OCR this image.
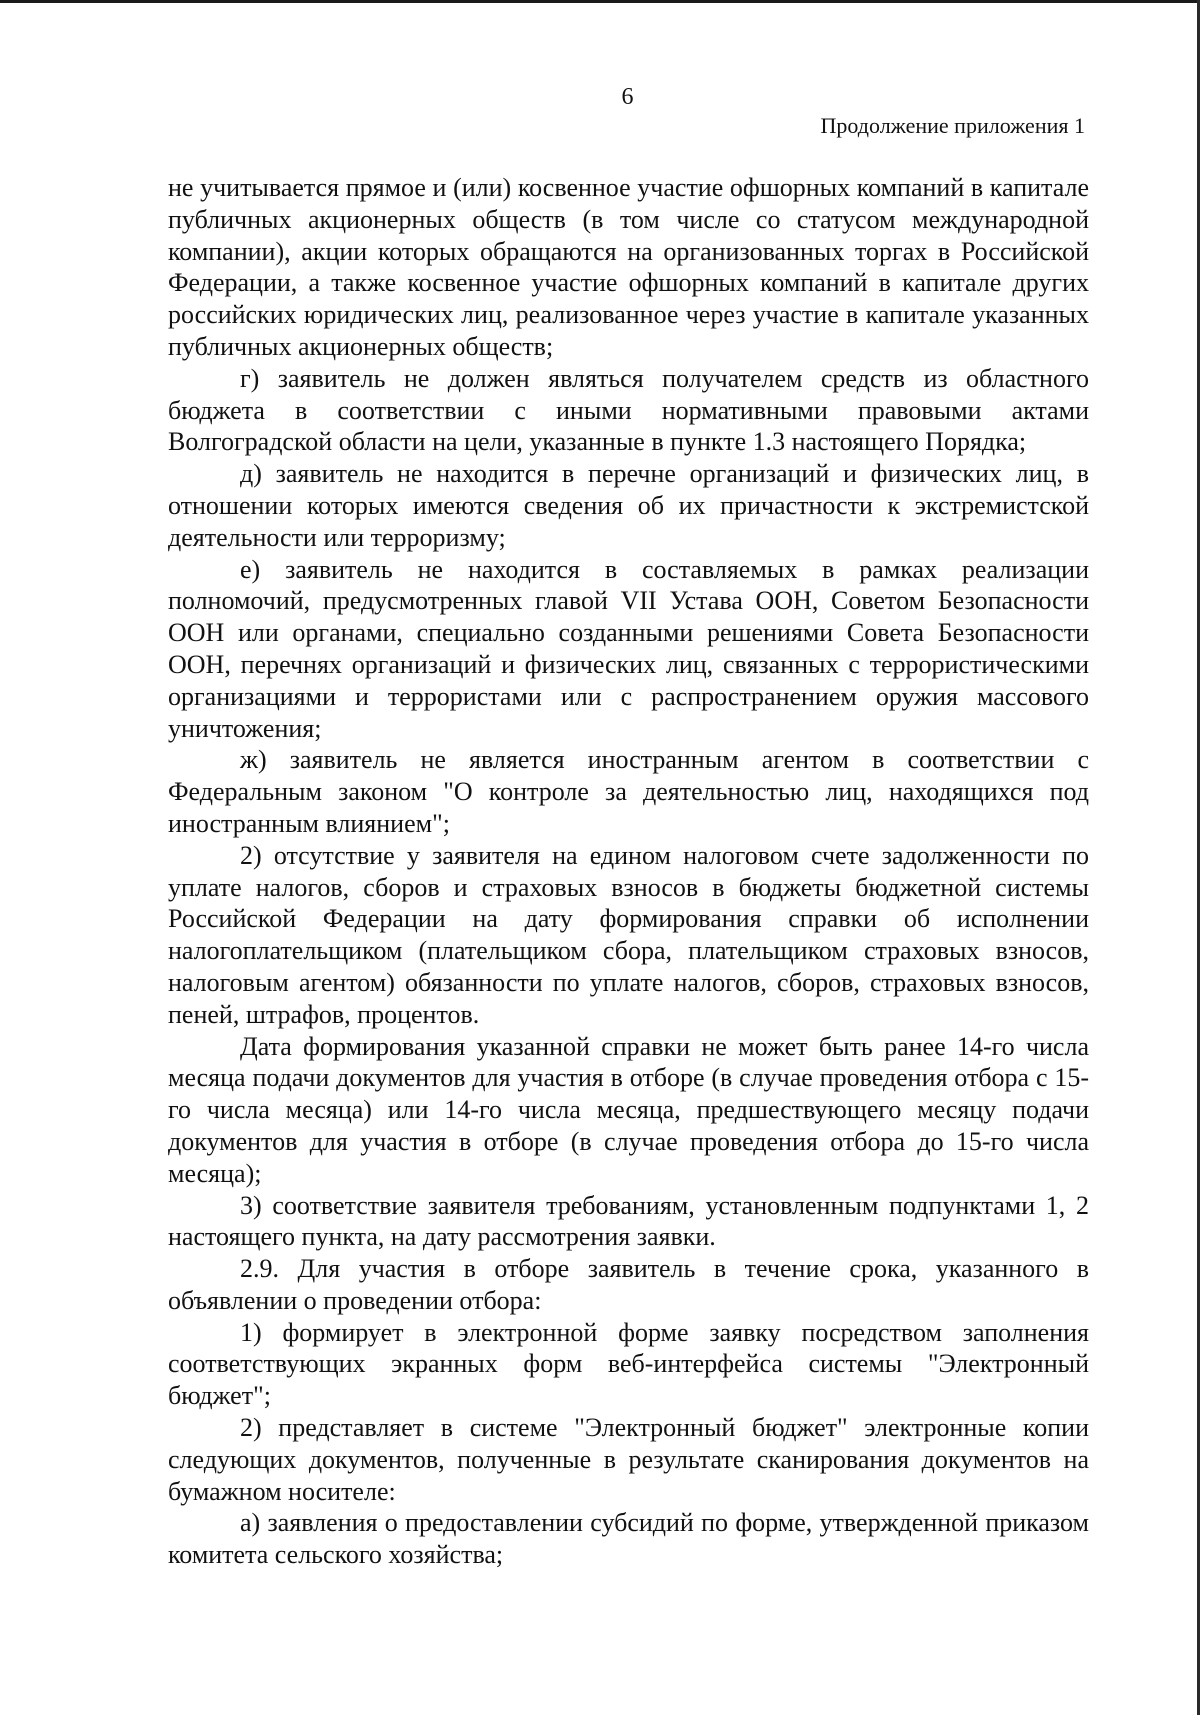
6
Продолжение приложения 1

не учитывается прямое и (или) косвенное участие офшорных компаний в капитале публичных акционерных обществ (в том числе со статусом международной компании), акции которых обращаются на организованных торгах в Российской Федерации, а также косвенное участие офшорных компаний в капитале других российских юридических лиц, реализованное через участие в капитале указанных публичных акционерных обществ;

г) заявитель не должен являться получателем средств из областного бюджета в соответствии с иными нормативными правовыми актами Волгоградской области на цели, указанные в пункте 1.3 настоящего Порядка;

д) заявитель не находится в перечне организаций и физических лиц, в отношении которых имеются сведения об их причастности к экстремистской деятельности или терроризму;

е) заявитель не находится в составляемых в рамках реализации полномочий, предусмотренных главой VII Устава ООН, Советом Безопасности ООН или органами, специально созданными решениями Совета Безопасности ООН, перечнях организаций и физических лиц, связанных с террористическими организациями и террористами или с распространением оружия массового уничтожения;

ж) заявитель не является иностранным агентом в соответствии с Федеральным законом "О контроле за деятельностью лиц, находящихся под иностранным влиянием";

2) отсутствие у заявителя на едином налоговом счете задолженности по уплате налогов, сборов и страховых взносов в бюджеты бюджетной системы Российской Федерации на дату формирования справки об исполнении налогоплательщиком (плательщиком сбора, плательщиком страховых взносов, налоговым агентом) обязанности по уплате налогов, сборов, страховых взносов, пеней, штрафов, процентов.

Дата формирования указанной справки не может быть ранее 14-го числа месяца подачи документов для участия в отборе (в случае проведения отбора с 15-го числа месяца) или 14-го числа месяца, предшествующего месяцу подачи документов для участия в отборе (в случае проведения отбора до 15-го числа месяца);

3) соответствие заявителя требованиям, установленным подпунктами 1, 2 настоящего пункта, на дату рассмотрения заявки.

2.9. Для участия в отборе заявитель в течение срока, указанного в объявлении о проведении отбора:

1) формирует в электронной форме заявку посредством заполнения соответствующих экранных форм веб-интерфейса системы "Электронный бюджет";

2) представляет в системе "Электронный бюджет" электронные копии следующих документов, полученные в результате сканирования документов на бумажном носителе:

а) заявления о предоставлении субсидий по форме, утвержденной приказом комитета сельского хозяйства;
